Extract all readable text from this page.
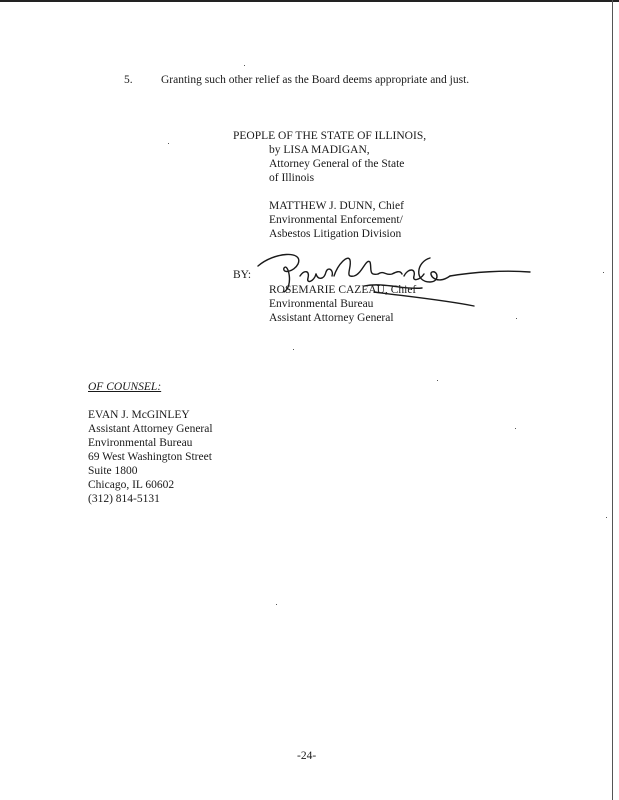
5. Granting such other relief as the Board deems appropriate and just.
PEOPLE OF THE STATE OF ILLINOIS,
by LISA MADIGAN,
Attorney General of the State
of Illinois
MATTHEW J. DUNN, Chief
Environmental Enforcement/
Asbestos Litigation Division
BY:
ROSEMARIE CAZEAU, Chief
Environmental Bureau
Assistant Attorney General
OF COUNSEL:
EVAN J. McGINLEY
Assistant Attorney General
Environmental Bureau
69 West Washington Street
Suite 1800
Chicago, IL 60602
(312) 814-5131
-24-
